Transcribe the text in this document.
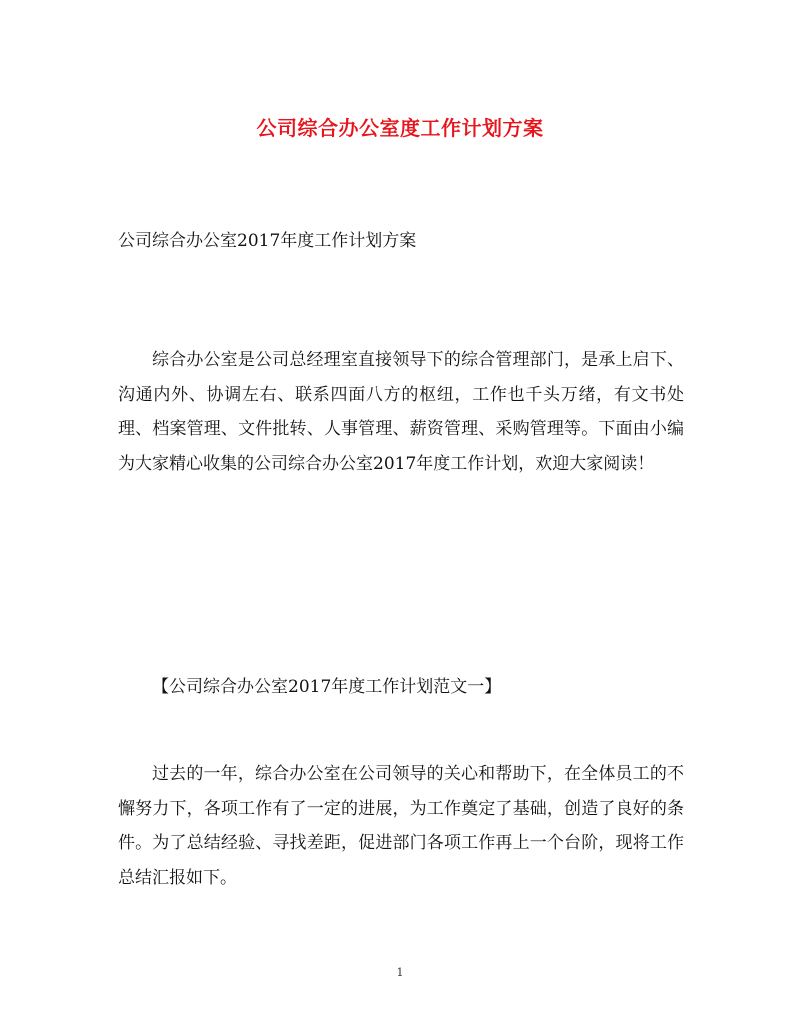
公司综合办公室度工作计划方案
公司综合办公室2017年度工作计划方案
综合办公室是公司总经理室直接领导下的综合管理部门，是承上启下、沟通内外、协调左右、联系四面八方的枢纽，工作也千头万绪，有文书处理、档案管理、文件批转、人事管理、薪资管理、采购管理等。下面由小编为大家精心收集的公司综合办公室2017年度工作计划，欢迎大家阅读！
【公司综合办公室2017年度工作计划范文一】
过去的一年，综合办公室在公司领导的关心和帮助下，在全体员工的不懈努力下，各项工作有了一定的进展，为工作奠定了基础，创造了良好的条件。为了总结经验、寻找差距，促进部门各项工作再上一个台阶，现将工作总结汇报如下。
1
